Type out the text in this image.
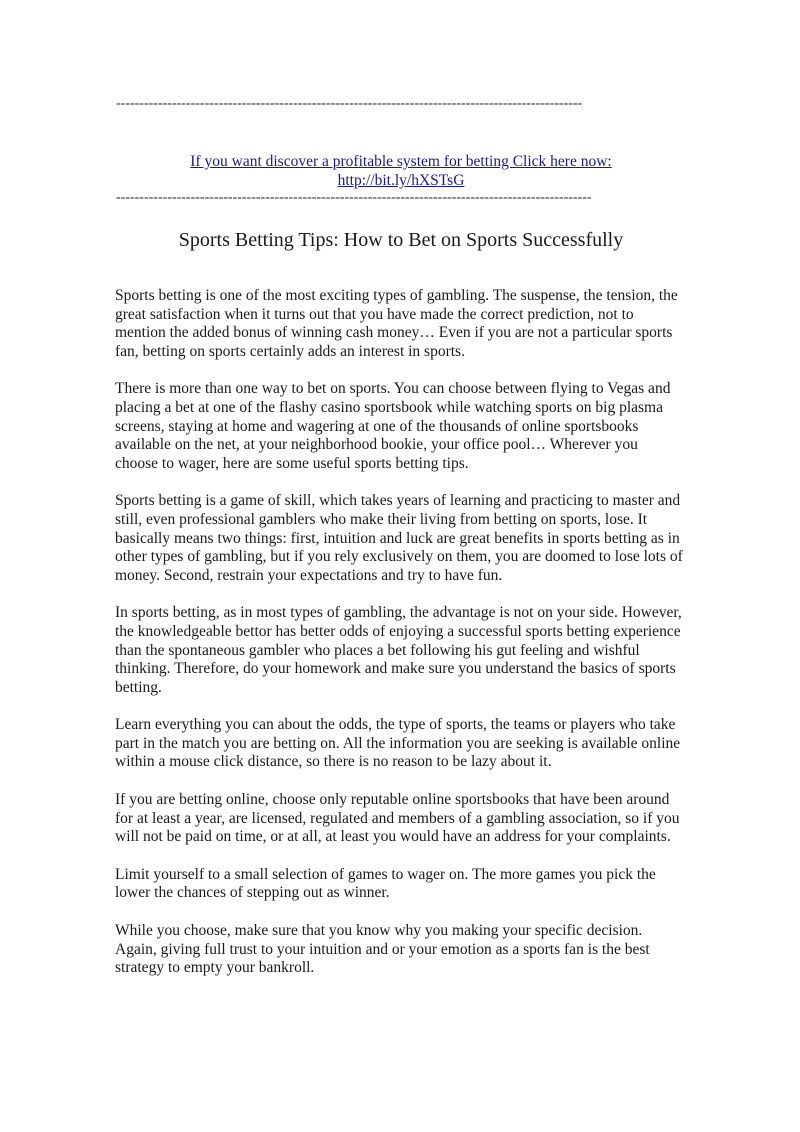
----------------------------------------------------------------------------------------------------
If you want discover a profitable system for betting Click here now:
http://bit.ly/hXSTsG
------------------------------------------------------------------------------------------------------
Sports Betting Tips: How to Bet on Sports Successfully

Sports betting is one of the most exciting types of gambling. The suspense, the tension, the great satisfaction when it turns out that you have made the correct prediction, not to mention the added bonus of winning cash money… Even if you are not a particular sports fan, betting on sports certainly adds an interest in sports.

There is more than one way to bet on sports. You can choose between flying to Vegas and placing a bet at one of the flashy casino sportsbook while watching sports on big plasma screens, staying at home and wagering at one of the thousands of online sportsbooks available on the net, at your neighborhood bookie, your office pool… Wherever you choose to wager, here are some useful sports betting tips.

Sports betting is a game of skill, which takes years of learning and practicing to master and still, even professional gamblers who make their living from betting on sports, lose. It basically means two things: first, intuition and luck are great benefits in sports betting as in other types of gambling, but if you rely exclusively on them, you are doomed to lose lots of money. Second, restrain your expectations and try to have fun.

In sports betting, as in most types of gambling, the advantage is not on your side. However, the knowledgeable bettor has better odds of enjoying a successful sports betting experience than the spontaneous gambler who places a bet following his gut feeling and wishful thinking. Therefore, do your homework and make sure you understand the basics of sports betting.

Learn everything you can about the odds, the type of sports, the teams or players who take part in the match you are betting on. All the information you are seeking is available online within a mouse click distance, so there is no reason to be lazy about it.

If you are betting online, choose only reputable online sportsbooks that have been around for at least a year, are licensed, regulated and members of a gambling association, so if you will not be paid on time, or at all, at least you would have an address for your complaints.

Limit yourself to a small selection of games to wager on. The more games you pick the lower the chances of stepping out as winner.

While you choose, make sure that you know why you making your specific decision. Again, giving full trust to your intuition and or your emotion as a sports fan is the best strategy to empty your bankroll.
